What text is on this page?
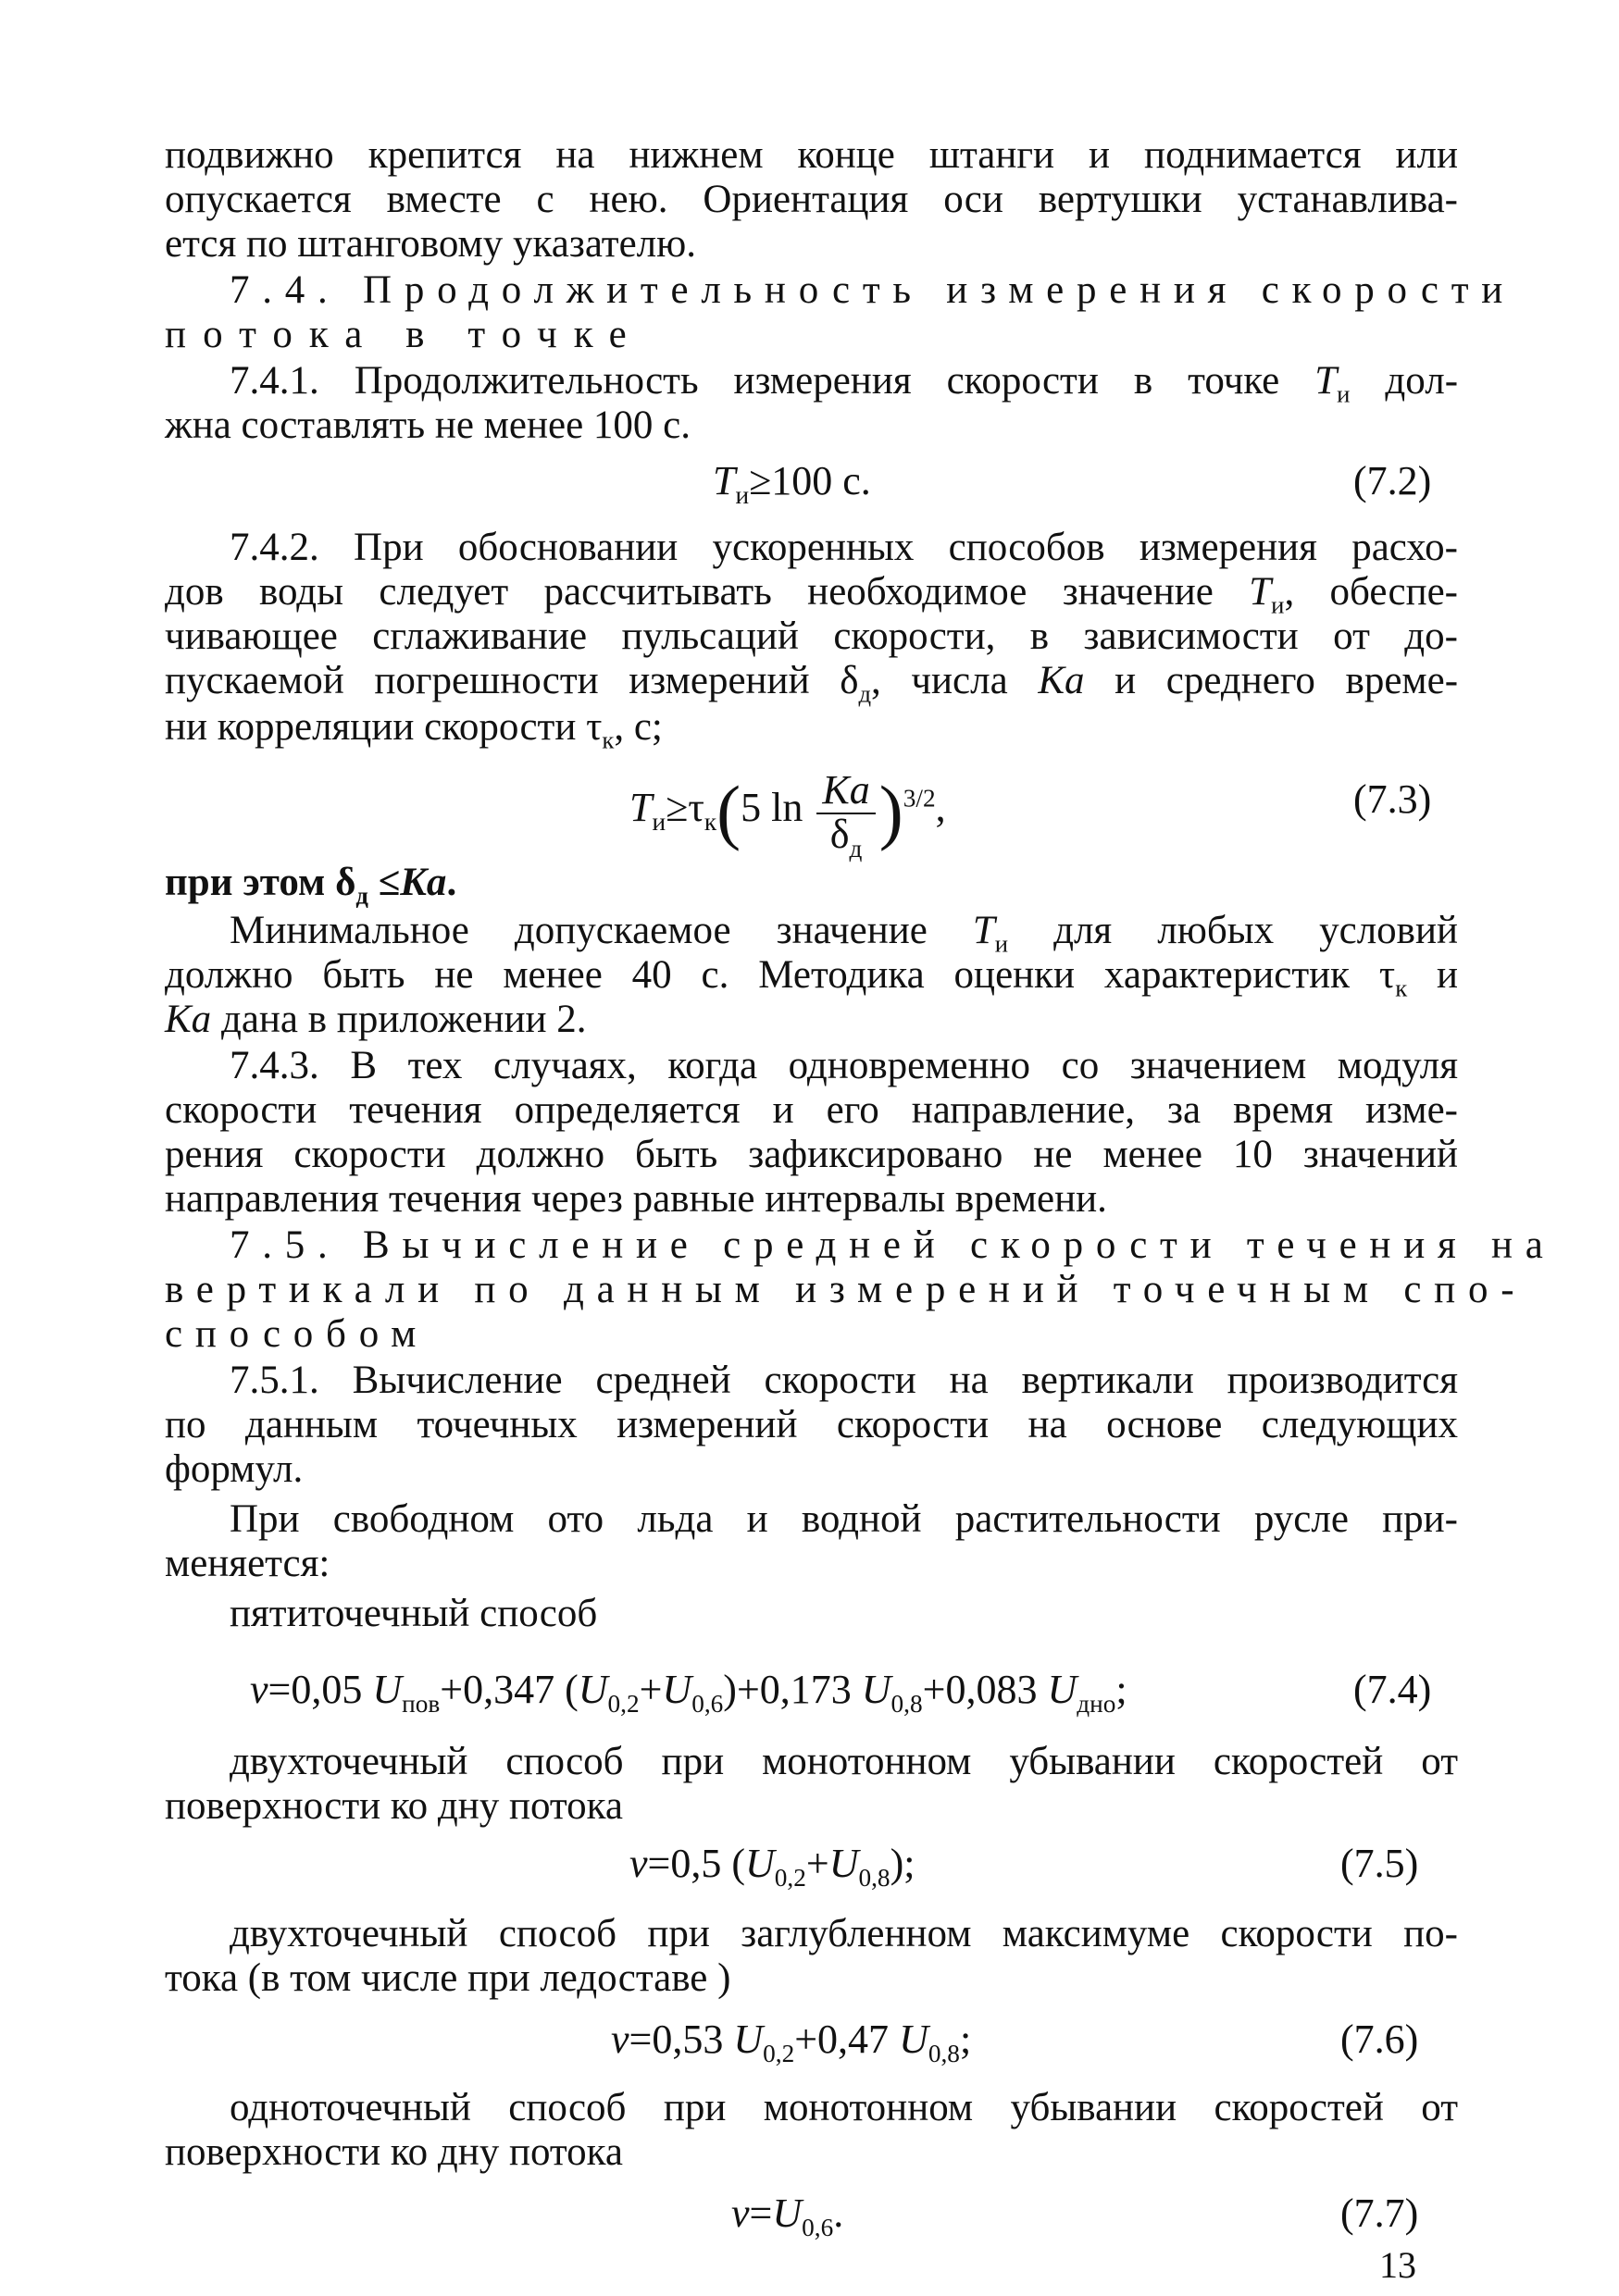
подвижно крепится на нижнем конце штанги и поднимается или
опускается вместе с нею. Ориентация оси вертушки устанавлива-
ется по штанговому указателю.
7.4. Продолжительность измерения скорости
потока в точке
7.4.1. Продолжительность измерения скорости в точке $T_и$ дол-
жна составлять не менее 100 с.
$T_и\ge 100$ с.	(7.2)
7.4.2. При обосновании ускоренных способов измерения расхо-
дов воды следует рассчитывать необходимое значение $T_и$, обеспе-
чивающее сглаживание пульсаций скорости, в зависимости от до-
пускаемой погрешности измерений $\delta_д$, числа Ka и среднего време-
ни корреляции скорости $\tau_к$, с;
$T_и\ge\tau_к(5$ $\ln \frac{Ka}{\delta_д} )^{3/2}$,	(7.3)
при этом $\delta_д \le Ka$.
Минимальное допускаемое значение $T_и$ для любых условий
должно быть не менее 40 с. Методика оценки характеристик $\tau_к$ и
Ka дана в приложении 2.
7.4.3. В тех случаях, когда одновременно со значением модуля
скорости течения определяется и его направление, за время изме-
рения скорости должно быть зафиксировано не менее 10 значений
направления течения через равные интервалы времени.
7.5. Вычисление средней скорости течения на
вертикали по данным измерений точечным спо-
способом
7.5.1. Вычисление средней скорости на вертикали производится
по данным точечных измерений скорости на основе следующих
формул.
При свободном ото льда и водной растительности русле при-
меняется:
пятиточечный способ
v=0,05 $U_{пов}+0,347$ $(U_{0,2}+U_{0,6})+0,173$ $U_{0,8}+0,083$ $U_{дно}$;	(7.4)
двухточечный способ при монотонном убывании скоростей от
поверхности ко дну потока
v=0,5 $(U_{0,2}+U_{0,8})$;	(7.5)
двухточечный способ при заглубленном максимуме скорости по-
тока (в том числе при ледоставе )
v=0,53 $U_{0,2}+0,47$ $U_{0,8}$;	(7.6)
одноточечный способ при монотонном убывании скоростей от
поверхности ко дну потока
$v=U_{0,6}$.	(7.7)
13
